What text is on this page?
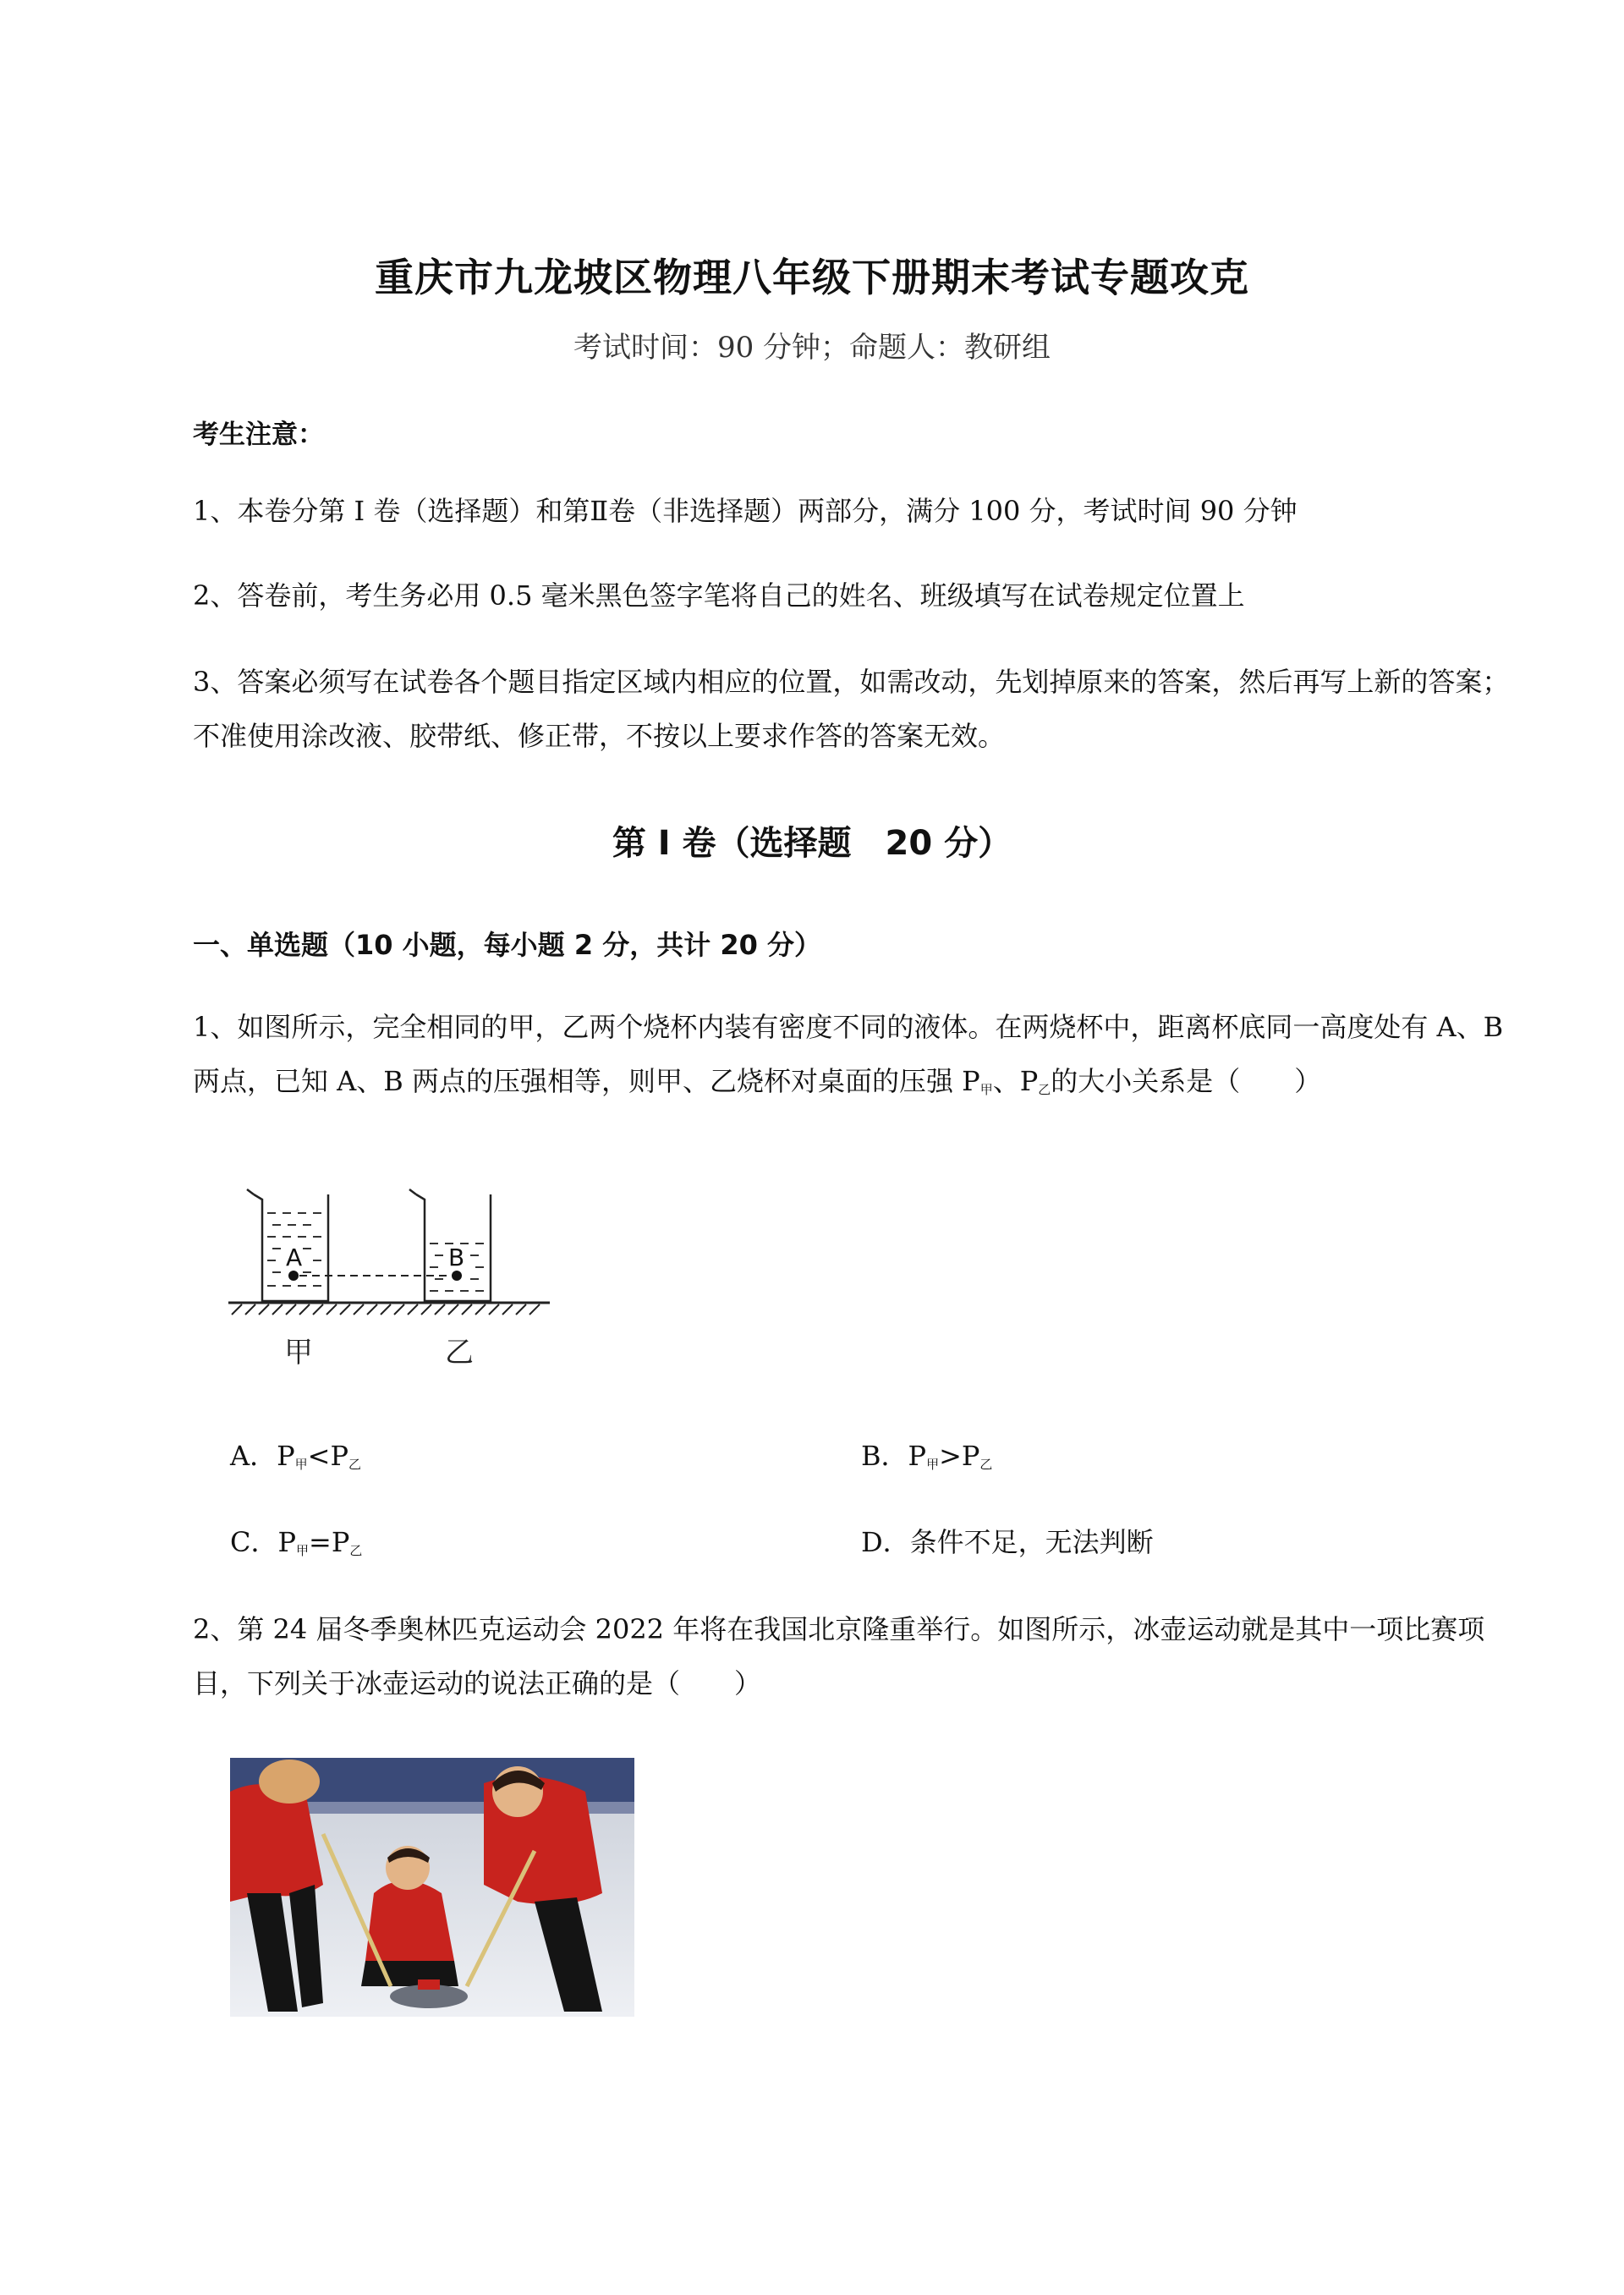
重庆市九龙坡区物理八年级下册期末考试专题攻克
考试时间：90 分钟；命题人：教研组
考生注意：
1、本卷分第 I 卷（选择题）和第Ⅱ卷（非选择题）两部分，满分 100 分，考试时间 90 分钟
2、答卷前，考生务必用 0.5 毫米黑色签字笔将自己的姓名、班级填写在试卷规定位置上
3、答案必须写在试卷各个题目指定区域内相应的位置，如需改动，先划掉原来的答案，然后再写上新的答案；不准使用涂改液、胶带纸、修正带，不按以上要求作答的答案无效。
第 I 卷（选择题　20 分）
一、单选题（10 小题，每小题 2 分，共计 20 分）
1、如图所示，完全相同的甲，乙两个烧杯内装有密度不同的液体。在两烧杯中，距离杯底同一高度处有 A、B 两点，已知 A、B 两点的压强相等，则甲、乙烧杯对桌面的压强 $P_甲$、$P_乙$的大小关系是（　　）
A	B
甲	乙
A．$P_甲<P_乙$	B．$P_甲>P_乙$
C．$P_甲=P_乙$	D．条件不足，无法判断
2、第 24 届冬季奥林匹克运动会 2022 年将在我国北京隆重举行。如图所示，冰壶运动就是其中一项比赛项目，下列关于冰壶运动的说法正确的是（　　）
